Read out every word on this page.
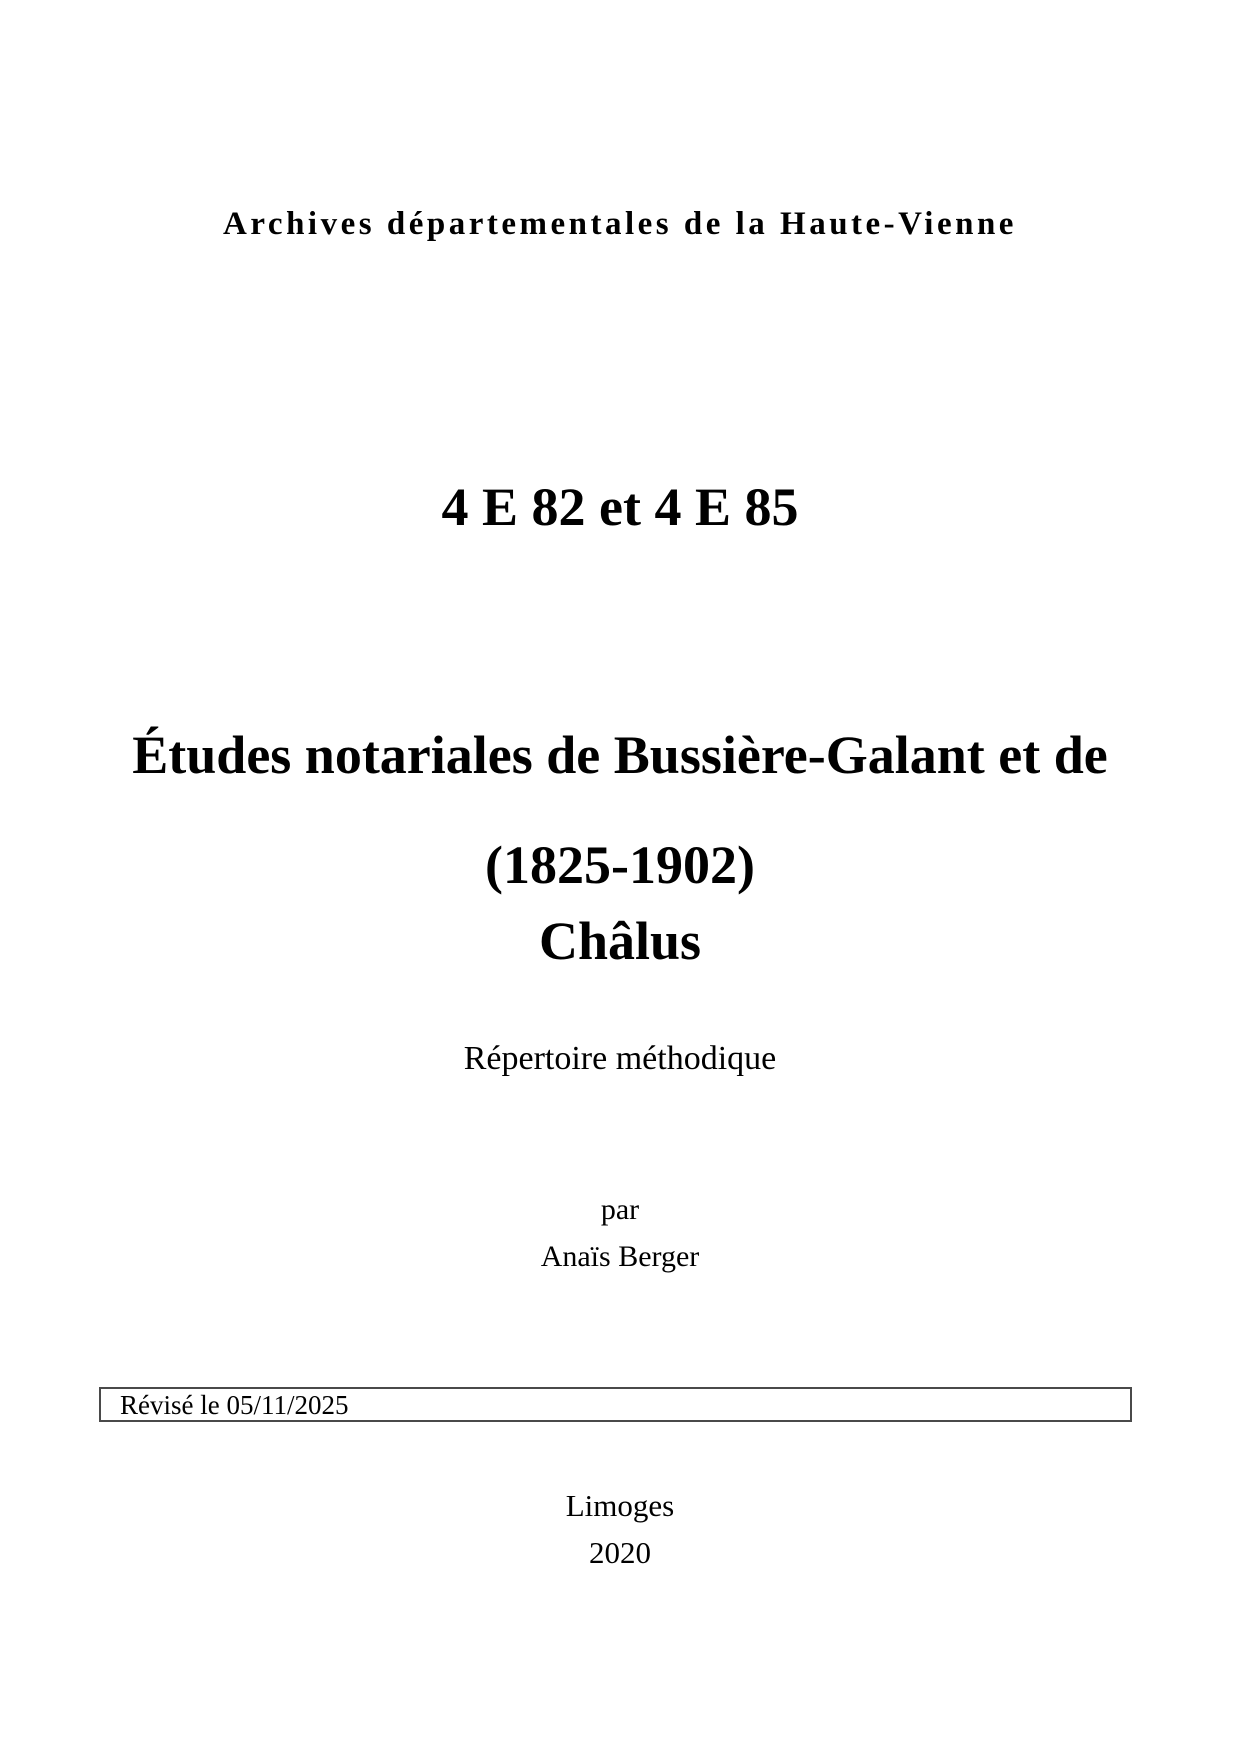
Archives départementales de la Haute-Vienne
4 E 82 et 4 E 85

Études notariales de Bussière-Galant et de

Châlus

(1825-1902)
Répertoire méthodique
par
Anaïs Berger
Révisé le 05/11/2025
Limoges
2020
